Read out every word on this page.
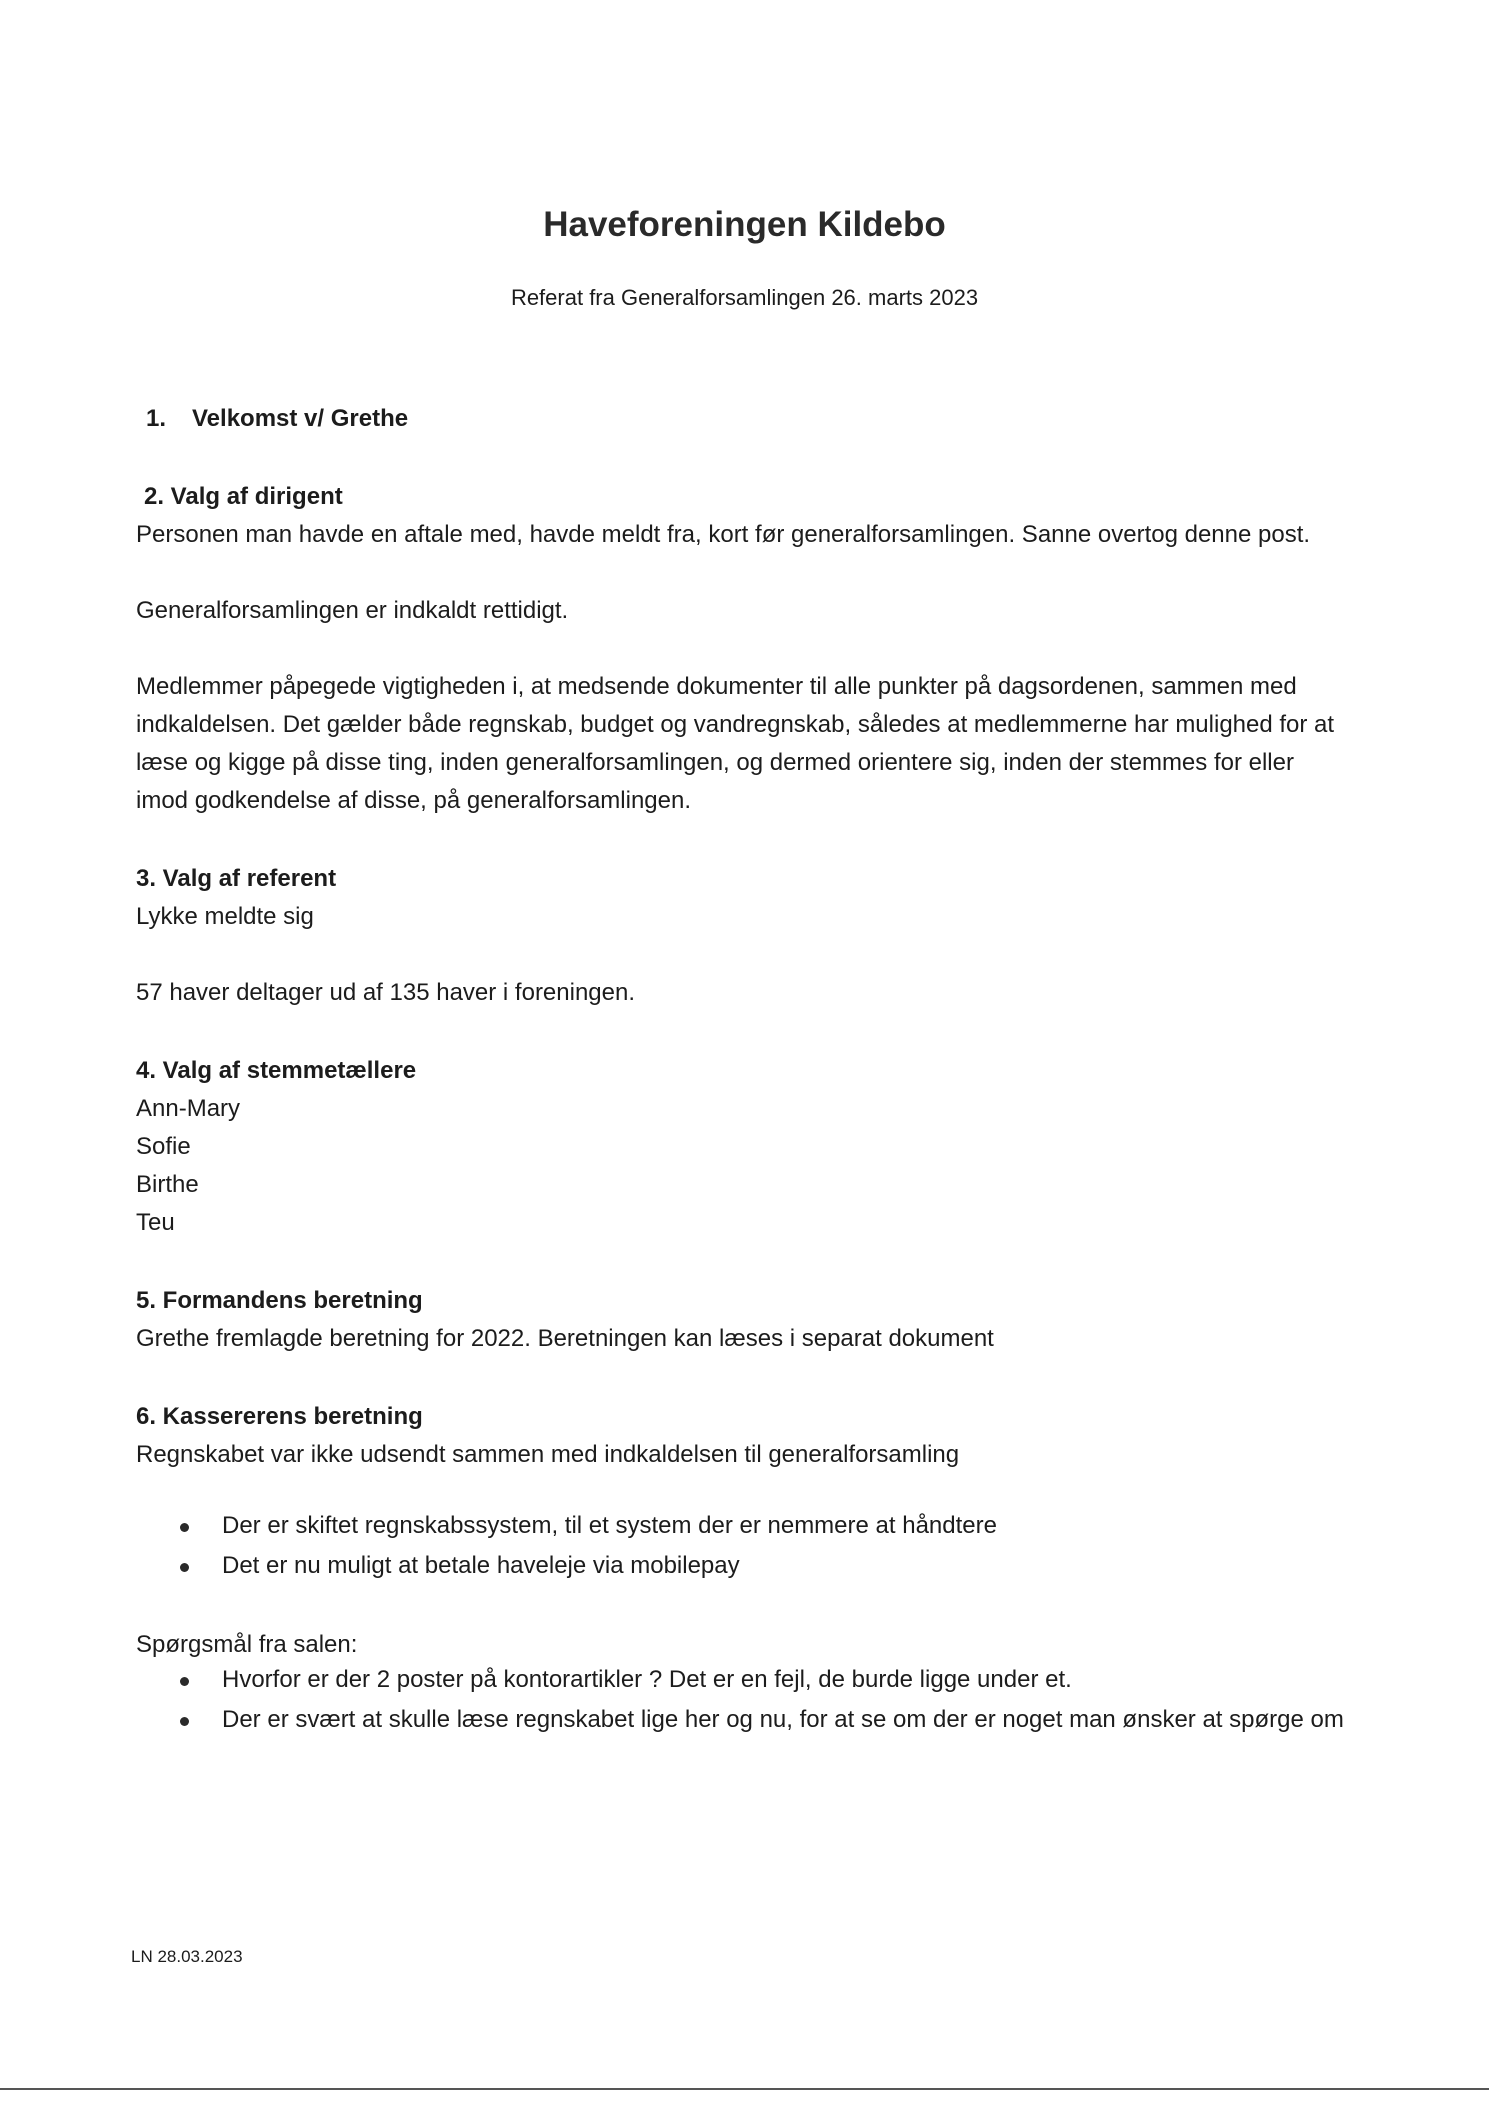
Haveforeningen Kildebo

Referat fra Generalforsamlingen 26. marts 2023

1. Velkomst v/ Grethe
2. Valg af dirigent

Personen man havde en aftale med, havde meldt fra, kort før generalforsamlingen. Sanne overtog denne post.

Generalforsamlingen er indkaldt rettidigt.

Medlemmer påpegede vigtigheden i, at medsende dokumenter til alle punkter på dagsordenen, sammen med indkaldelsen. Det gælder både regnskab, budget og vandregnskab, således at medlemmerne har mulighed for at læse og kigge på disse ting, inden generalforsamlingen, og dermed orientere sig, inden der stemmes for eller imod godkendelse af disse, på generalforsamlingen.

3. Valg af referent

Lykke meldte sig

57 haver deltager ud af 135 haver i foreningen.

4. Valg af stemmetællere

Ann-Mary

Sofie

Birthe

Teu

5. Formandens beretning

Grethe fremlagde beretning for 2022. Beretningen kan læses i separat dokument

6. Kassererens beretning

Regnskabet var ikke udsendt sammen med indkaldelsen til generalforsamling

Der er skiftet regnskabssystem, til et system der er nemmere at håndtere
Det er nu muligt at betale haveleje via mobilepay

Spørgsmål fra salen:

Hvorfor er der 2 poster på kontorartikler ? Det er en fejl, de burde ligge under et.
Der er svært at skulle læse regnskabet lige her og nu, for at se om der er noget man ønsker at spørge om

LN 28.03.2023
